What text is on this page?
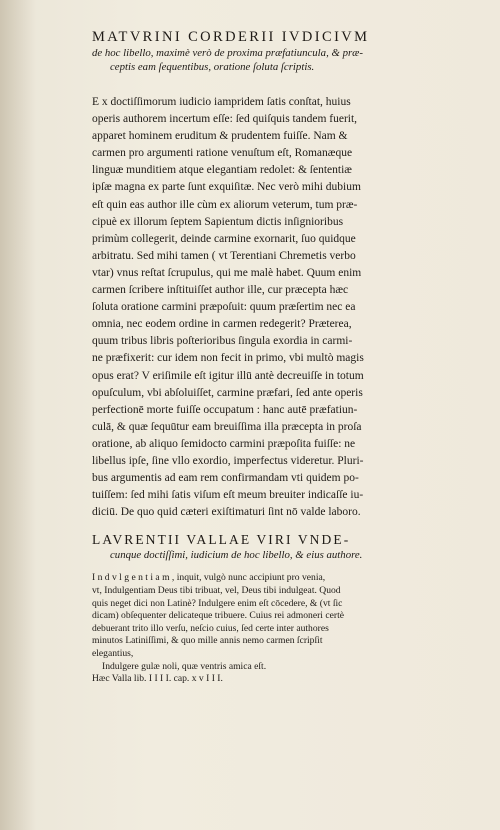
MATVRINI CORDERII IVDICIVM
de hoc libello, maximè verò de proxima præfatiuncula, & præ-
ceptis eam ſequentibus, oratione ſoluta ſcriptis.
E x doctiſſimorum iudicio iampridem ſatis conſtat, huius
operis authorem incertum eſſe: ſed quiſquis tandem fuerit,
apparet hominem eruditum & prudentem fuiſſe. Nam &
carmen pro argumenti ratione venuſtum eſt, Romanæque
linguæ munditiem atque elegantiam redolet: & ſententiæ
ipſæ magna ex parte ſunt exquiſitæ. Nec verò mihi dubium
eſt quin eas author ille cùm ex aliorum veterum, tum præ-
cipuè ex illorum ſeptem Sapientum dictis inſignioribus
primùm collegerit, deinde carmine exornarit, ſuo quidque
arbitratu. Sed mihi tamen ( vt Terentiani Chremetis verbo
vtar) vnus reſtat ſcrupulus, qui me malè habet. Quum enim
carmen ſcribere inſtituiſſet author ille, cur præcepta hæc
ſoluta oratione carmini præpoſuit: quum præſertim nec ea
omnia, nec eodem ordine in carmen redegerit? Præterea,
quum tribus libris poſterioribus ſingula exordia in carmi-
ne præfixerit: cur idem non fecit in primo, vbi multò magis
opus erat? V eriſimile eſt igitur illū antè decreuiſſe in totum
opuſculum, vbi abſoluiſſet, carmine præfari, ſed ante operis
perfectionē morte fuiſſe occupatum : hanc autē præfatiun-
culā, & quæ ſequūtur eam breuiſſima illa præcepta in proſa
oratione, ab aliquo ſemidocto carmini præpoſita fuiſſe: ne
libellus ipſe, ſine vllo exordio, imperfectus videretur. Pluri-
bus argumentis ad eam rem confirmandam vti quidem po-
tuiſſem: ſed mihi ſatis viſum eſt meum breuiter indicaſſe iu-
diciū. De quo quid cæteri exiſtimaturi ſint nō valde laboro.
LAVRENTII VALLAE VIRI VNDE-
cunque doctiſſimi, iudicium de hoc libello, & eius authore.
I n d v l g e n t i a m , inquit, vulgò nunc accipiunt pro venia,
vt, Indulgentiam Deus tibi tribuat, vel, Deus tibi indulgeat. Quod
quis neget dici non Latinè? Indulgere enim eſt cōcedere, & (vt ſic
dicam) obſequenter delicateque tribuere. Cuius rei admoneri certè
debuerant trito illo verſu, neſcio cuius, ſed certe inter authores
minutos Latiniſſimi, & quo mille annis nemo carmen ſcripſit
elegantius,
Indulgere gulæ noli, quæ ventris amica eſt.
Hæc Valla lib. I I I I. cap. x v I I I.
